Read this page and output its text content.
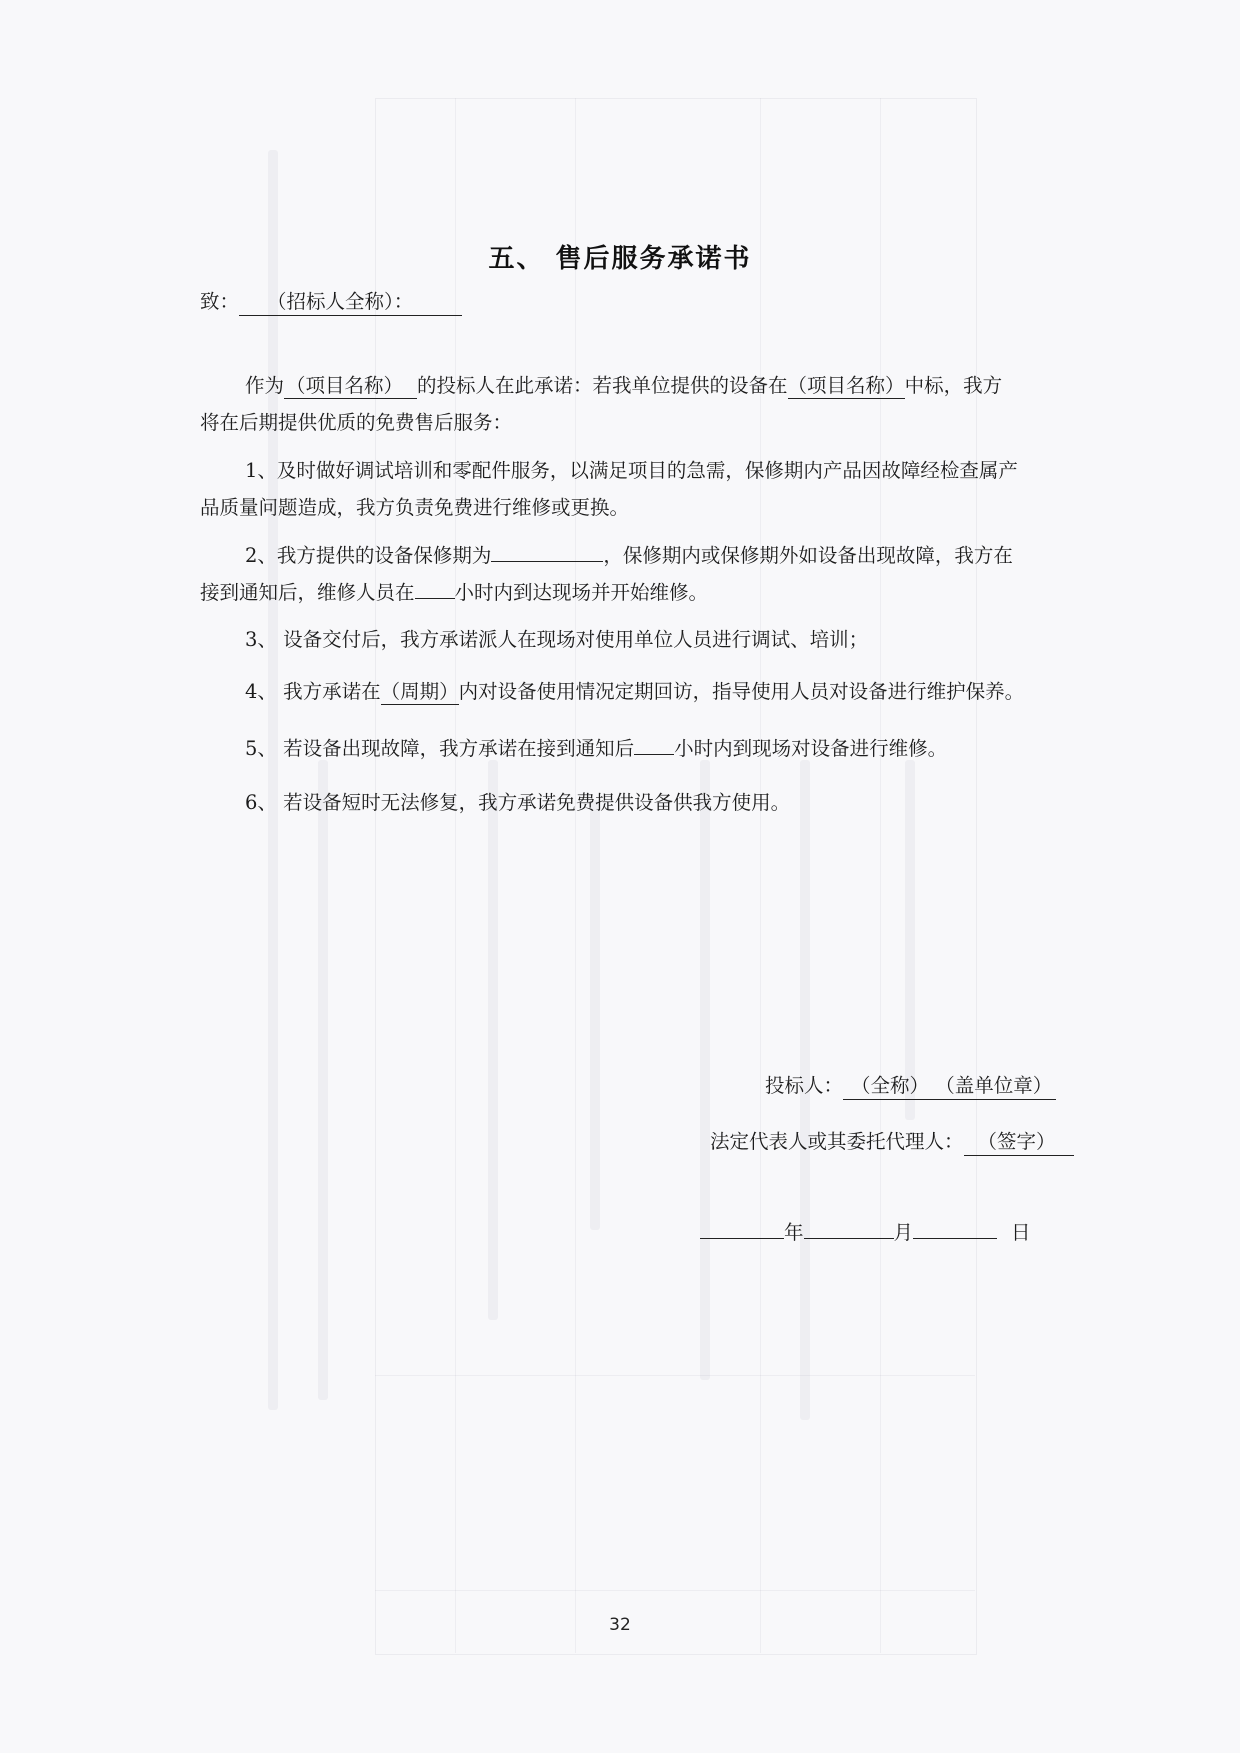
五、 售后服务承诺书
致： （招标人全称）：
作为 （项目名称） 的投标人在此承诺：若我单位提供的设备在（项目名称）中标，我方
将在后期提供优质的免费售后服务：
1、及时做好调试培训和零配件服务，以满足项目的急需，保修期内产品因故障经检查属产
品质量问题造成，我方负责免费进行维修或更换。
2、我方提供的设备保修期为	，保修期内或保修期外如设备出现故障，我方在
接到通知后，维修人员在 小时内到达现场并开始维修。
3、 设备交付后，我方承诺派人在现场对使用单位人员进行调试、培训；
4、 我方承诺在（周期）内对设备使用情况定期回访，指导使用人员对设备进行维护保养。
5、 若设备出现故障，我方承诺在接到通知后 小时内到现场对设备进行维修。
6、 若设备短时无法修复，我方承诺免费提供设备供我方使用。
投标人： （全称） （盖单位章）
法定代表人或其委托代理人： （签字）
年	月	日
32
